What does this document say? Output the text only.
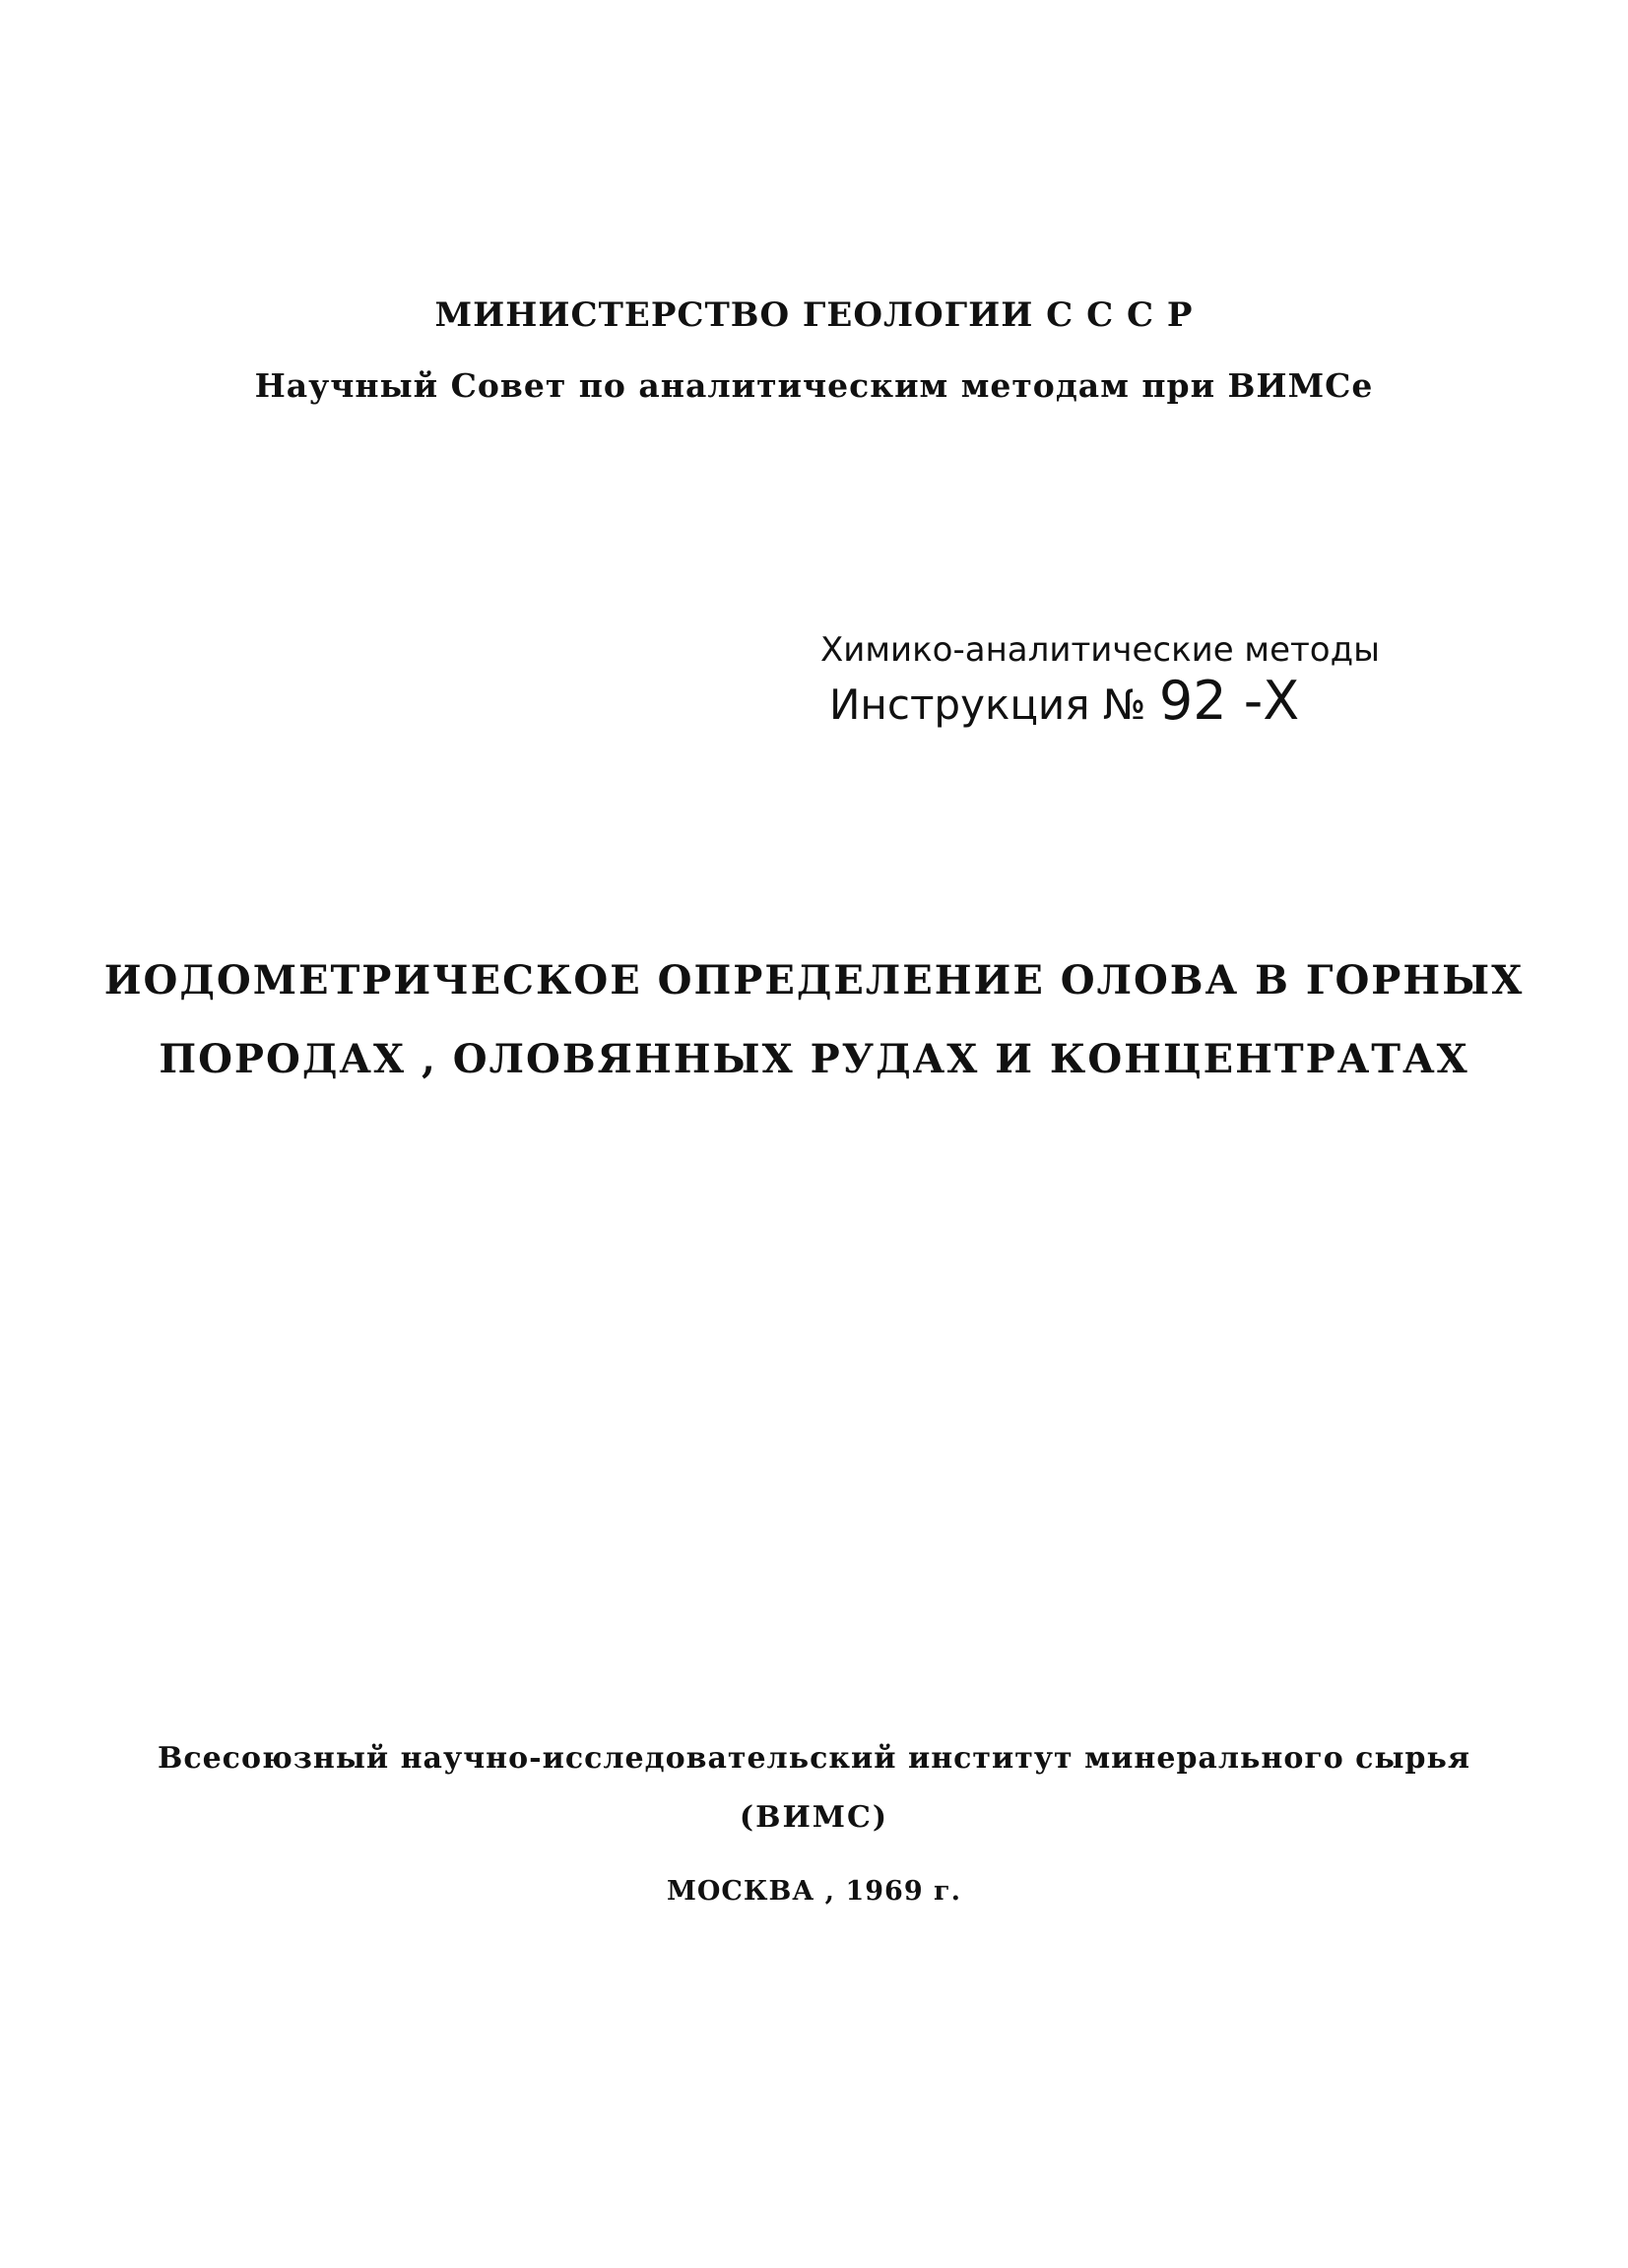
МИНИСТЕРСТВО ГЕОЛОГИИ С С С Р
Научный Совет по аналитическим методам при ВИМСе
Химико-аналитические методы
Инструкция № 92 -Х
ИОДОМЕТРИЧЕСКОЕ ОПРЕДЕЛЕНИЕ ОЛОВА В ГОРНЫХ
ПОРОДАХ , ОЛОВЯННЫХ РУДАХ И КОНЦЕНТРАТАХ
Всесоюзный научно-исследовательский институт минерального сырья
(ВИМС)
МОСКВА , 1969 г.
